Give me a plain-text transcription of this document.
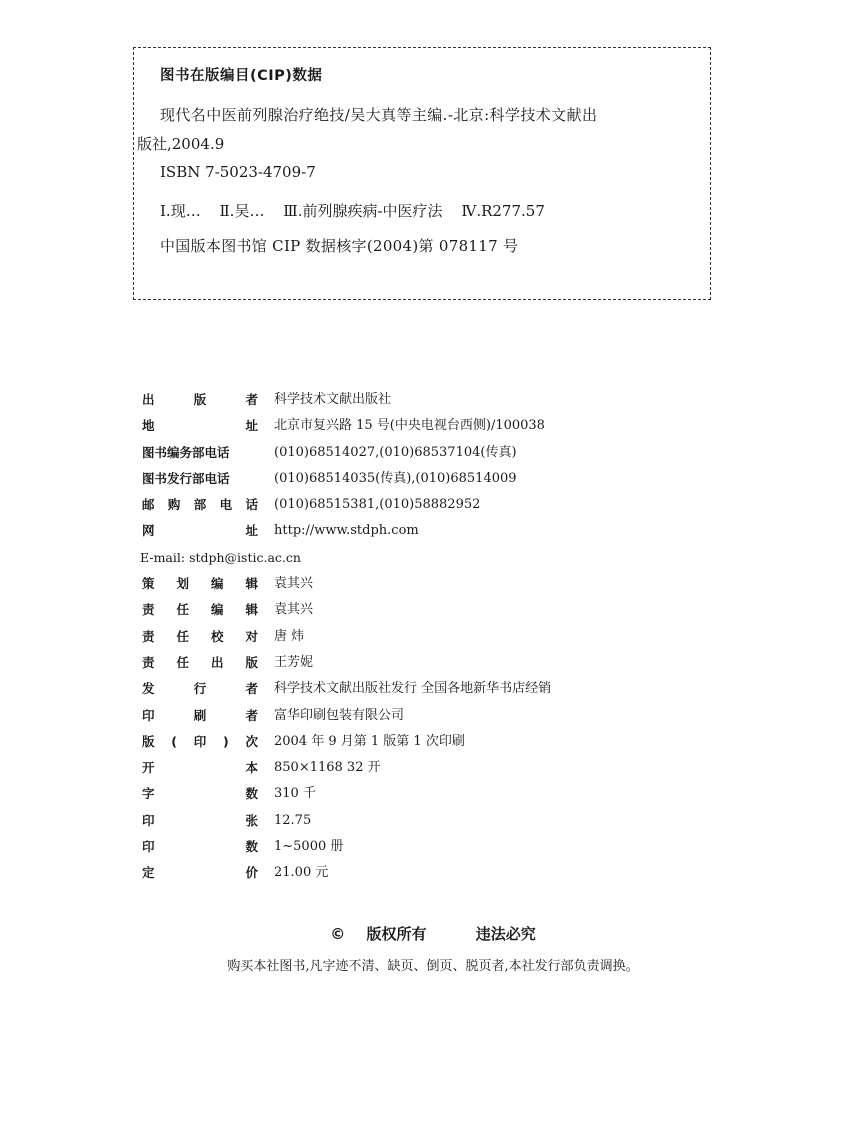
图书在版编目(CIP)数据
现代名中医前列腺治疗绝技/吴大真等主编.-北京:科学技术文献出
版社,2004.9
ISBN 7-5023-4709-7
Ⅰ.现… Ⅱ.吴… Ⅲ.前列腺疾病-中医疗法 Ⅳ.R277.57
中国版本图书馆 CIP 数据核字(2004)第 078117 号
出	版	者 科学技术文献出版社
地	址 北京市复兴路 15 号(中央电视台西侧)/100038
图书编务部电话	(010)68514027,(010)68537104(传真)
图书发行部电话	(010)68514035(传真),(010)68514009
邮 购 部 电 话 (010)68515381,(010)58882952
网	址 http://www.stdph.com
E-mail: stdph@istic.ac.cn
策 划 编 辑 袁其兴
责 任 编 辑 袁其兴
责 任 校 对 唐 炜
责 任 出 版 王芳妮
发	行	者 科学技术文献出版社发行 全国各地新华书店经销
印	刷	者 富华印刷包装有限公司
版 ( 印 ) 次 2004 年 9 月第 1 版第 1 次印刷
开	本 850×1168 32 开
字	数 310 千
印	张 12.75
印	数 1~5000 册
定	价 21.00 元
© 版权所有	违法必究
购买本社图书,凡字迹不清、缺页、倒页、脱页者,本社发行部负责调换。
